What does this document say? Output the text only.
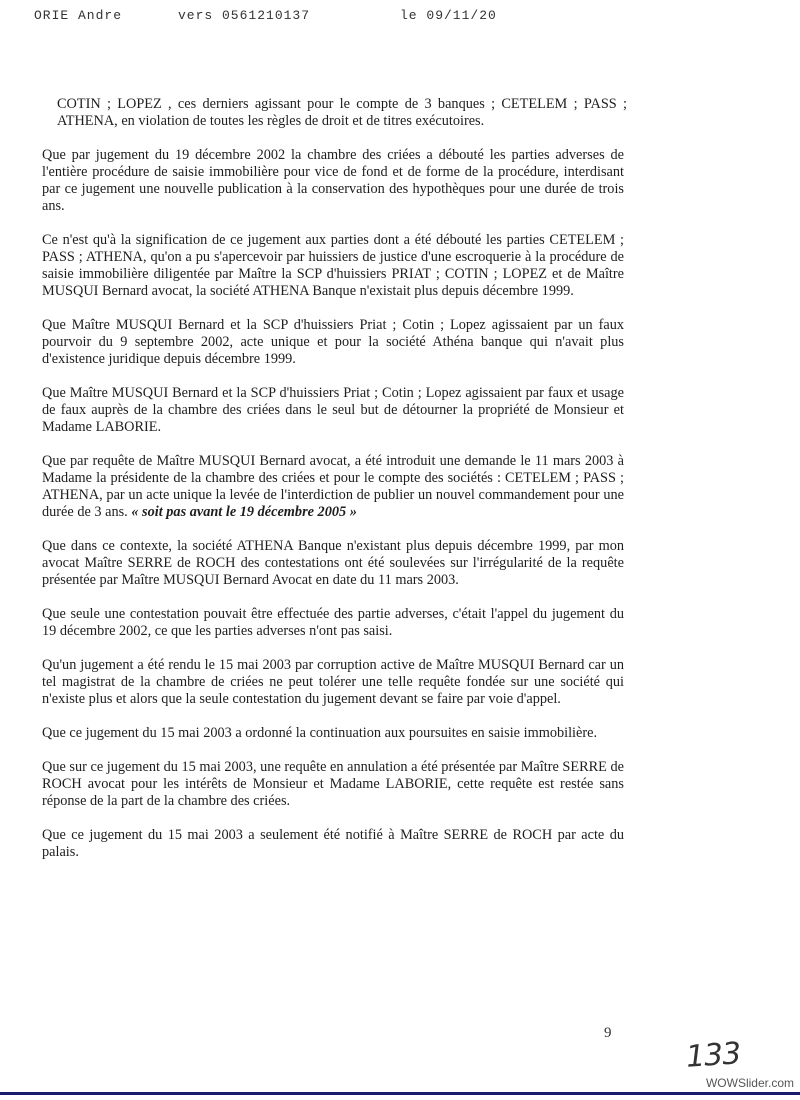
ORIE Andre	vers 0561210137	le 09/11/20

COTIN ; LOPEZ , ces derniers agissant pour le compte de 3 banques ; CETELEM ; PASS ; ATHENA, en violation de toutes les règles de droit et de titres exécutoires.

Que par jugement du 19 décembre 2002 la chambre des criées a débouté les parties adverses de l'entière procédure de saisie immobilière pour vice de fond et de forme de la procédure, interdisant par ce jugement une nouvelle publication à la conservation des hypothèques pour une durée de trois ans.

Ce n'est qu'à la signification de ce jugement aux parties dont a été débouté les parties CETELEM ; PASS ; ATHENA, qu'on a pu s'apercevoir par huissiers de justice d'une escroquerie à la procédure de saisie immobilière diligentée par Maître la SCP d'huissiers PRIAT ; COTIN ; LOPEZ et de Maître MUSQUI Bernard avocat, la société ATHENA Banque n'existait plus depuis décembre 1999.

Que Maître MUSQUI Bernard et la SCP d'huissiers Priat ; Cotin ; Lopez agissaient par un faux pourvoir du 9 septembre 2002, acte unique et pour la société Athéna banque qui n'avait plus d'existence juridique depuis décembre 1999.

Que Maître MUSQUI Bernard et la SCP d'huissiers Priat ; Cotin ; Lopez agissaient par faux et usage de faux auprès de la chambre des criées dans le seul but de détourner la propriété de Monsieur et Madame LABORIE.

Que par requête de Maître MUSQUI Bernard avocat, a été introduit une demande le 11 mars 2003 à Madame la présidente de la chambre des criées et pour le compte des sociétés : CETELEM ; PASS ; ATHENA, par un acte unique la levée de l'interdiction de publier un nouvel commandement pour une durée de 3 ans. « soit pas avant le 19 décembre 2005 »

Que dans ce contexte, la société ATHENA Banque n'existant plus depuis décembre 1999, par mon avocat Maître SERRE de ROCH des contestations ont été soulevées sur l'irrégularité de la requête présentée par Maître MUSQUI Bernard Avocat en date du 11 mars 2003.

Que seule une contestation pouvait être effectuée des partie adverses, c'était l'appel du jugement du 19 décembre 2002, ce que les parties adverses n'ont pas saisi.

Qu'un jugement a été rendu le 15 mai 2003 par corruption active de Maître MUSQUI Bernard car un tel magistrat de la chambre de criées ne peut tolérer une telle requête fondée sur une société qui n'existe plus et alors que la seule contestation du jugement devant se faire par voie d'appel.

Que ce jugement du 15 mai 2003 a ordonné la continuation aux poursuites en saisie immobilière.

Que sur ce jugement du 15 mai 2003, une requête en annulation a été présentée par Maître SERRE de ROCH avocat pour les intérêts de Monsieur et Madame LABORIE, cette requête est restée sans réponse de la part de la chambre des criées.

Que ce jugement du 15 mai 2003 a seulement été notifié à Maître SERRE de ROCH par acte du palais.

9
133
WOWSlider.com
